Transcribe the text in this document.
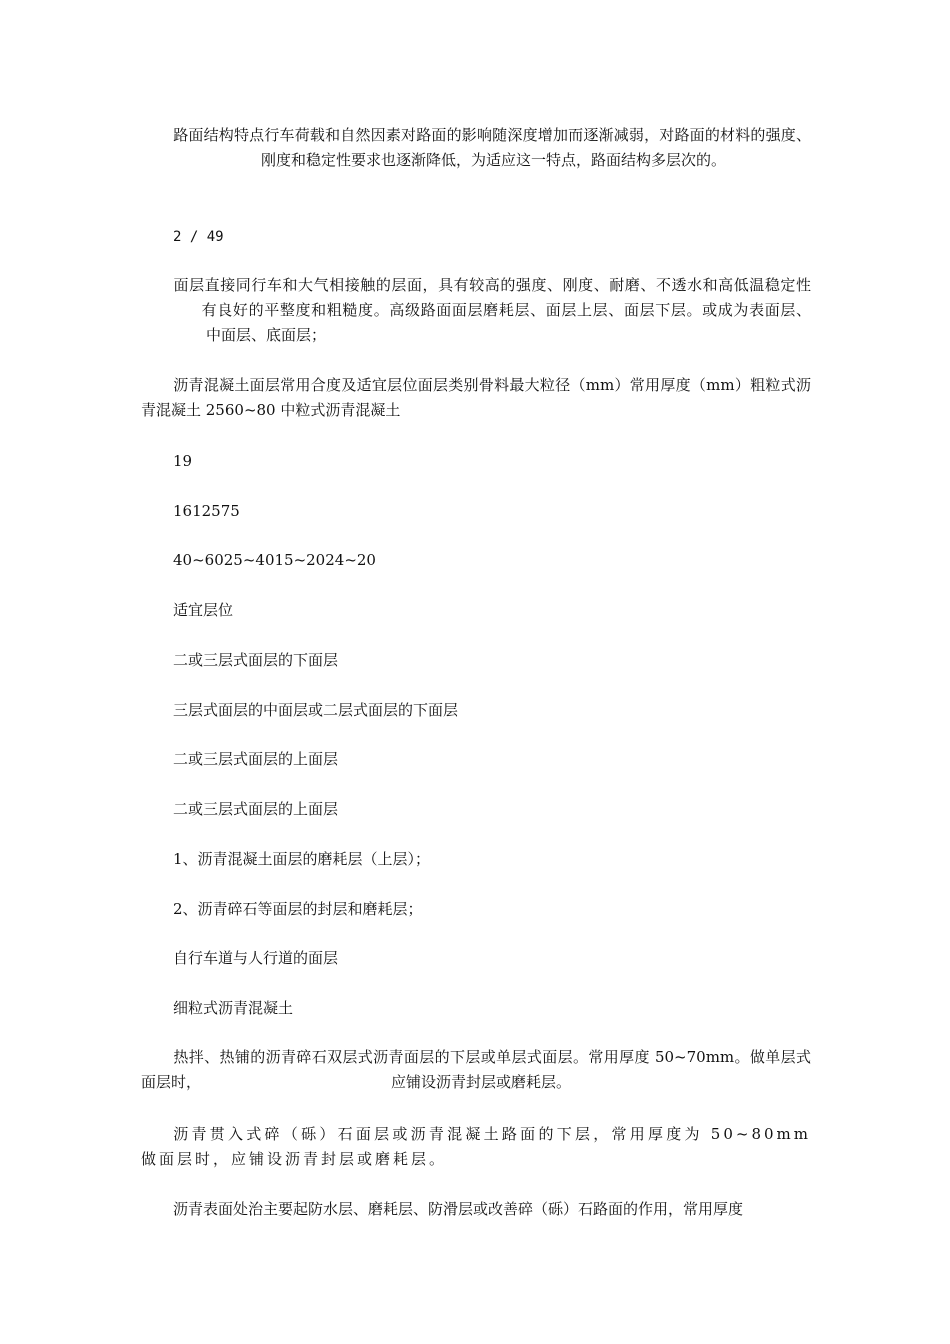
路面结构特点行车荷载和自然因素对路面的影响随深度增加而逐渐减弱，对路面的材料的强度、刚度和稳定性要求也逐渐降低，为适应这一特点，路面结构多层次的。

2 / 49

面层直接同行车和大气相接触的层面，具有较高的强度、刚度、耐磨、不透水和高低温稳定性有良好的平整度和粗糙度。高级路面面层磨耗层、面层上层、面层下层。或成为表面层、中面层、底面层；

沥青混凝土面层常用合度及适宜层位面层类别骨料最大粒径（mm）常用厚度（mm）粗粒式沥青混凝土 2560~80 中粒式沥青混凝土

19

1612575

40~6025~4015~2024~20

适宜层位

二或三层式面层的下面层

三层式面层的中面层或二层式面层的下面层

二或三层式面层的上面层

二或三层式面层的上面层

1、沥青混凝土面层的磨耗层（上层）；

2、沥青碎石等面层的封层和磨耗层；

自行车道与人行道的面层

细粒式沥青混凝土

热拌、热铺的沥青碎石双层式沥青面层的下层或单层式面层。常用厚度 50~70mm。做单层式面层时，	应铺设沥青封层或磨耗层。

沥青贯入式碎（砾）石面层或沥青混凝土路面的下层，常用厚度为 50~80mm 做面层时，应铺设沥青封层或磨耗层。

沥青表面处治主要起防水层、磨耗层、防滑层或改善碎（砾）石路面的作用，常用厚度
